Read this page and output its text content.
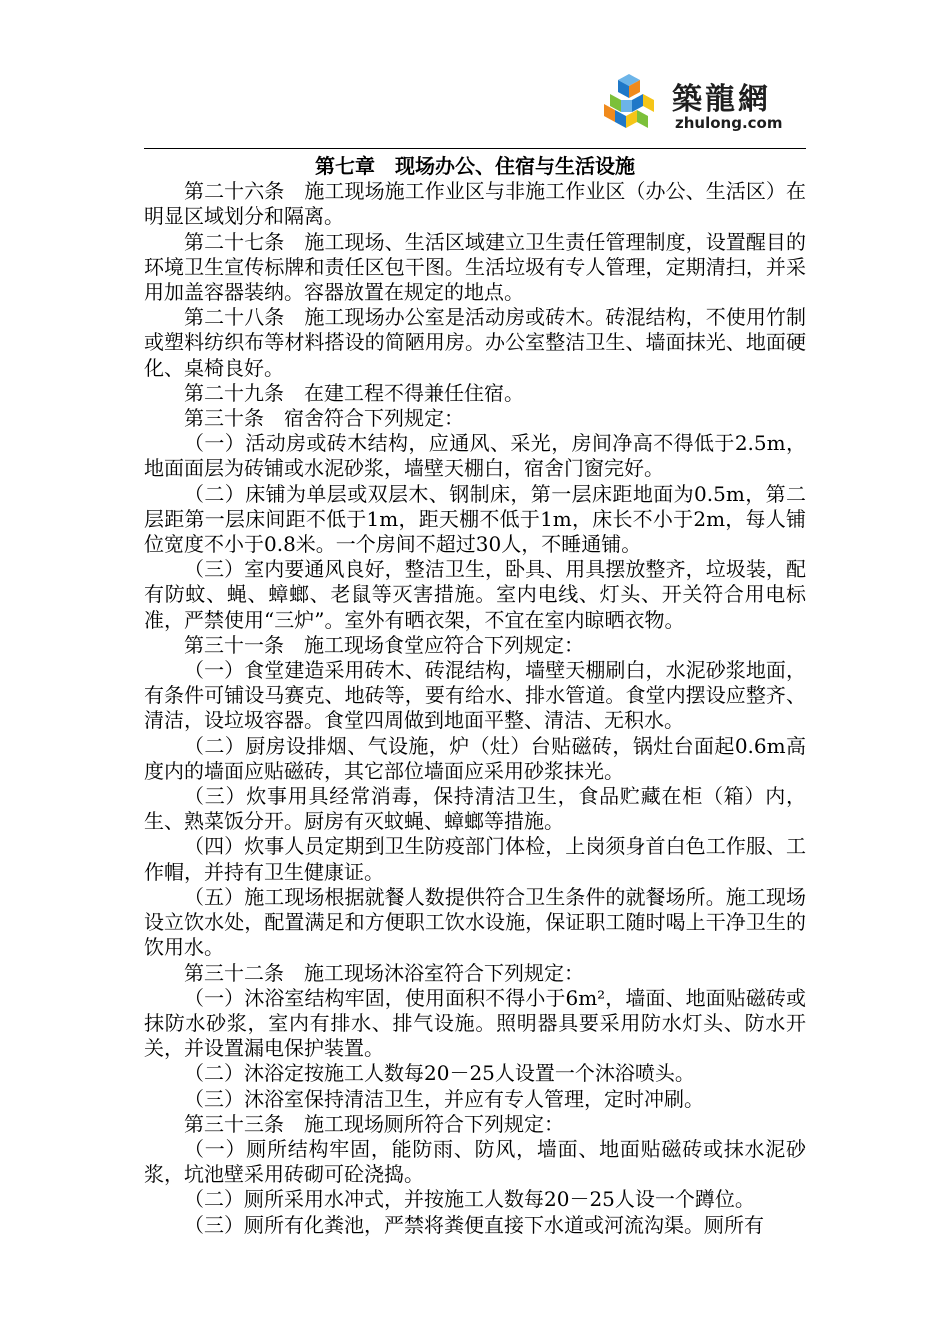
築龍網
zhulong.com
第七章　现场办公、住宿与生活设施

第二十六条　施工现场施工作业区与非施工作业区（办公、生活区）在明显区域划分和隔离。

第二十七条　施工现场、生活区域建立卫生责任管理制度，设置醒目的环境卫生宣传标牌和责任区包干图。生活垃圾有专人管理，定期清扫，并采用加盖容器装纳。容器放置在规定的地点。

第二十八条　施工现场办公室是活动房或砖木。砖混结构，不使用竹制或塑料纺织布等材料搭设的简陋用房。办公室整洁卫生、墙面抹光、地面硬化、桌椅良好。

第二十九条　在建工程不得兼任住宿。

第三十条　宿舍符合下列规定：

（一）活动房或砖木结构，应通风、采光，房间净高不得低于2.5m，地面面层为砖铺或水泥砂浆，墙壁天棚白，宿舍门窗完好。

（二）床铺为单层或双层木、钢制床，第一层床距地面为0.5m，第二层距第一层床间距不低于1m，距天棚不低于1m，床长不小于2m，每人铺位宽度不小于0.8米。一个房间不超过30人，不睡通铺。

（三）室内要通风良好，整洁卫生，卧具、用具摆放整齐，垃圾装，配有防蚊、蝇、蟑螂、老鼠等灭害措施。室内电线、灯头、开关符合用电标准，严禁使用“三炉”。室外有晒衣架，不宜在室内晾晒衣物。

第三十一条　施工现场食堂应符合下列规定：

（一）食堂建造采用砖木、砖混结构，墙壁天棚刷白，水泥砂浆地面，有条件可铺设马赛克、地砖等，要有给水、排水管道。食堂内摆设应整齐、清洁，设垃圾容器。食堂四周做到地面平整、清洁、无积水。

（二）厨房设排烟、气设施，炉（灶）台贴磁砖，锅灶台面起0.6m高度内的墙面应贴磁砖，其它部位墙面应采用砂浆抹光。

（三）炊事用具经常消毒，保持清洁卫生，食品贮藏在柜（箱）内，生、熟菜饭分开。厨房有灭蚊蝇、蟑螂等措施。

（四）炊事人员定期到卫生防疫部门体检，上岗须身首白色工作服、工作帽，并持有卫生健康证。

（五）施工现场根据就餐人数提供符合卫生条件的就餐场所。施工现场设立饮水处，配置满足和方便职工饮水设施，保证职工随时喝上干净卫生的饮用水。

第三十二条　施工现场沐浴室符合下列规定：

（一）沐浴室结构牢固，使用面积不得小于6m²，墙面、地面贴磁砖或抹防水砂浆，室内有排水、排气设施。照明器具要采用防水灯头、防水开关，并设置漏电保护装置。

（二）沐浴定按施工人数每20－25人设置一个沐浴喷头。

（三）沐浴室保持清洁卫生，并应有专人管理，定时冲刷。

第三十三条　施工现场厕所符合下列规定：

（一）厕所结构牢固，能防雨、防风，墙面、地面贴磁砖或抹水泥砂浆，坑池壁采用砖砌可砼浇捣。

（二）厕所采用水冲式，并按施工人数每20－25人设一个蹲位。

（三）厕所有化粪池，严禁将粪便直接下水道或河流沟渠。厕所有
